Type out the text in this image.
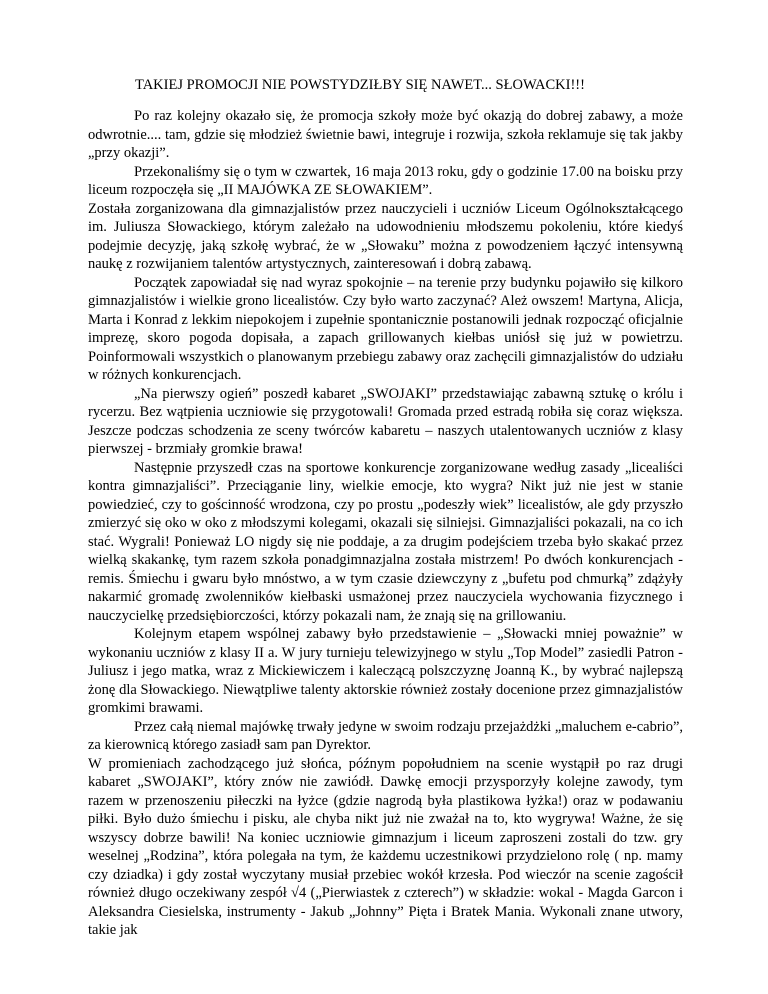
TAKIEJ PROMOCJI NIE POWSTYDZIŁBY SIĘ NAWET... SŁOWACKI!!!

Po raz kolejny okazało się, że promocja szkoły może być okazją do dobrej zabawy, a może odwrotnie.... tam, gdzie się młodzież świetnie bawi, integruje i rozwija, szkoła reklamuje się tak jakby „przy okazji”.

Przekonaliśmy się o tym w czwartek, 16 maja 2013 roku, gdy o godzinie 17.00 na boisku przy liceum rozpoczęła się „II MAJÓWKA ZE SŁOWAKIEM”.

Została zorganizowana dla gimnazjalistów przez nauczycieli i uczniów Liceum Ogólnokształcącego im. Juliusza Słowackiego, którym zależało na udowodnieniu młodszemu pokoleniu, które kiedyś podejmie decyzję, jaką szkołę wybrać, że w „Słowaku” można z powodzeniem łączyć intensywną naukę z rozwijaniem talentów artystycznych, zainteresowań i dobrą zabawą.

Początek zapowiadał się nad wyraz spokojnie – na terenie przy budynku pojawiło się kilkoro gimnazjalistów i wielkie grono licealistów. Czy było warto zaczynać? Ależ owszem! Martyna, Alicja, Marta i Konrad z lekkim niepokojem i zupełnie spontanicznie postanowili jednak rozpocząć oficjalnie imprezę, skoro pogoda dopisała, a zapach grillowanych kiełbas uniósł się już w powietrzu. Poinformowali wszystkich o planowanym przebiegu zabawy oraz zachęcili gimnazjalistów do udziału w różnych konkurencjach.

„Na pierwszy ogień” poszedł kabaret „SWOJAKI” przedstawiając zabawną sztukę o królu i rycerzu. Bez wątpienia uczniowie się przygotowali! Gromada przed estradą robiła się coraz większa. Jeszcze podczas schodzenia ze sceny twórców kabaretu – naszych utalentowanych uczniów z klasy pierwszej - brzmiały gromkie brawa!

Następnie przyszedł czas na sportowe konkurencje zorganizowane według zasady „licealiści kontra gimnazjaliści”. Przeciąganie liny, wielkie emocje, kto wygra? Nikt już nie jest w stanie powiedzieć, czy to gościnność wrodzona, czy po prostu „podeszły wiek” licealistów, ale gdy przyszło zmierzyć się oko w oko z młodszymi kolegami, okazali się silniejsi. Gimnazjaliści pokazali, na co ich stać. Wygrali! Ponieważ LO nigdy się nie poddaje, a za drugim podejściem trzeba było skakać przez wielką skakankę, tym razem szkoła ponadgimnazjalna została mistrzem! Po dwóch konkurencjach - remis. Śmiechu i gwaru było mnóstwo, a w tym czasie dziewczyny z „bufetu pod chmurką” zdążyły nakarmić gromadę zwolenników kiełbaski usmażonej przez nauczyciela wychowania fizycznego i nauczycielkę przedsiębiorczości, którzy pokazali nam, że znają się na grillowaniu.

Kolejnym etapem wspólnej zabawy było przedstawienie – „Słowacki mniej poważnie” w wykonaniu uczniów z klasy II a. W jury turnieju telewizyjnego w stylu „Top Model” zasiedli Patron - Juliusz i jego matka, wraz z Mickiewiczem i kaleczącą polszczyznę Joanną K., by wybrać najlepszą żonę dla Słowackiego. Niewątpliwe talenty aktorskie również zostały docenione przez gimnazjalistów gromkimi brawami.

Przez całą niemal majówkę trwały jedyne w swoim rodzaju przejażdżki „maluchem e-cabrio”, za kierownicą którego zasiadł sam pan Dyrektor.

W promieniach zachodzącego już słońca, późnym popołudniem na scenie wystąpił po raz drugi kabaret „SWOJAKI”, który znów nie zawiódł. Dawkę emocji przysporzyły kolejne zawody, tym razem w przenoszeniu piłeczki na łyżce (gdzie nagrodą była plastikowa łyżka!) oraz w podawaniu piłki. Było dużo śmiechu i pisku, ale chyba nikt już nie zważał na to, kto wygrywa! Ważne, że się wszyscy dobrze bawili! Na koniec uczniowie gimnazjum i liceum zaproszeni zostali do tzw. gry weselnej „Rodzina”, która polegała na tym, że każdemu uczestnikowi przydzielono rolę ( np. mamy czy dziadka) i gdy został wyczytany musiał przebiec wokół krzesła. Pod wieczór na scenie zagościł również długo oczekiwany zespół √4 („Pierwiastek z czterech”) w składzie: wokal - Magda Garcon i Aleksandra Ciesielska, instrumenty - Jakub „Johnny” Pięta i Bratek Mania. Wykonali znane utwory, takie jak
